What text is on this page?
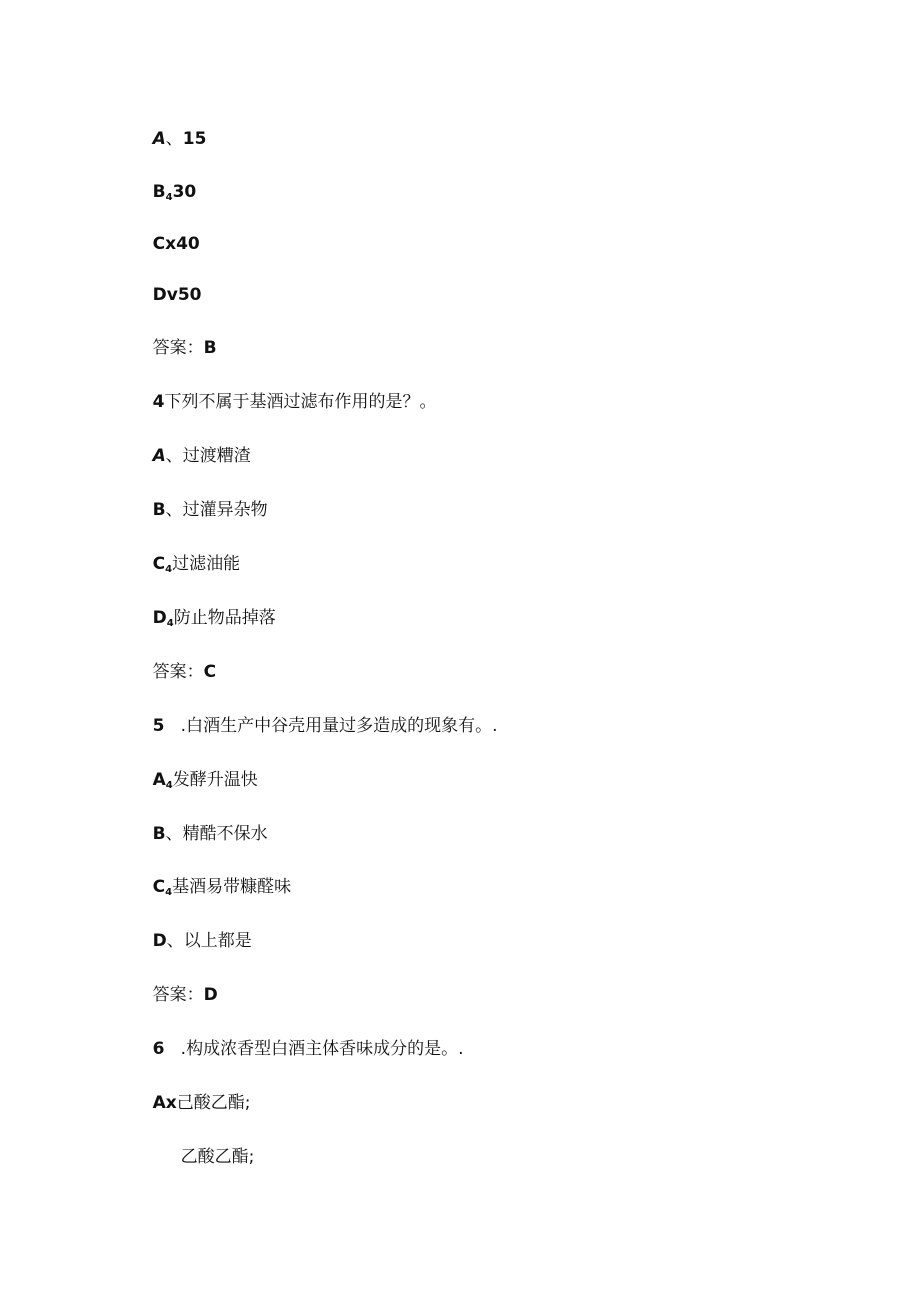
A、15

$B_430$

Cx40

Dv50

答案：B

4下列不属于基酒过滤布作用的是？。

A、过渡糟渣

B、过灌异杂物

$C_4$过滤油能

$D_4$防止物品掉落

答案：C

5   .白酒生产中谷壳用量过多造成的现象有。.

$A_4$发酵升温快

B、精酷不保水

$C_4$基酒易带糠醛味

D、以上都是

答案：D

6   .构成浓香型白酒主体香味成分的是。.

Ax己酸乙酯;

乙酸乙酯;
